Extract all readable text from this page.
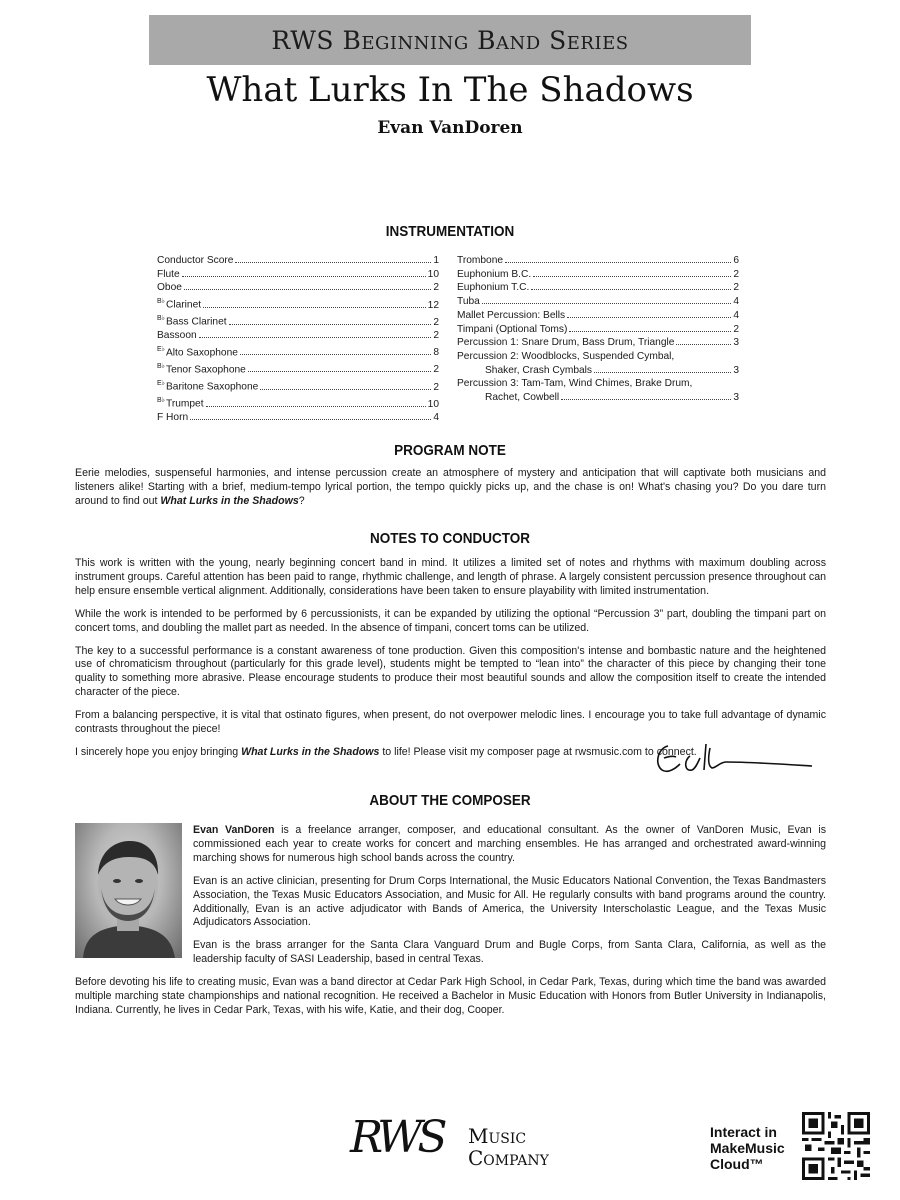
RWS Beginning Band Series
What Lurks In The Shadows
Evan VanDoren
INSTRUMENTATION
Conductor Score	1
Flute	10
Oboe	2
$^{B♭}$Clarinet	12
$^{B♭}$Bass Clarinet	2
Bassoon	2
$^{E♭}$Alto Saxophone	8
$^{B♭}$Tenor Saxophone	2
$^{E♭}$Baritone Saxophone	2
$^{B♭}$Trumpet	10
F Horn	4
Trombone	6
Euphonium B.C.	2
Euphonium T.C.	2
Tuba	4
Mallet Percussion: Bells	4
Timpani (Optional Toms)	2
Percussion 1: Snare Drum, Bass Drum, Triangle	3
Percussion 2: Woodblocks, Suspended Cymbal,
Shaker, Crash Cymbals	3
Percussion 3: Tam-Tam, Wind Chimes, Brake Drum,
Rachet, Cowbell	3
PROGRAM NOTE

Eerie melodies, suspenseful harmonies, and intense percussion create an atmosphere of mystery and anticipation that will captivate both musicians and listeners alike! Starting with a brief, medium-tempo lyrical portion, the tempo quickly picks up, and the chase is on! What's chasing you? Do you dare turn around to find out What Lurks in the Shadows?

NOTES TO CONDUCTOR

This work is written with the young, nearly beginning concert band in mind. It utilizes a limited set of notes and rhythms with maximum doubling across instrument groups. Careful attention has been paid to range, rhythmic challenge, and length of phrase. A largely consistent percussion presence throughout can help ensure ensemble vertical alignment. Additionally, considerations have been taken to ensure playability with limited instrumentation.

While the work is intended to be performed by 6 percussionists, it can be expanded by utilizing the optional “Percussion 3” part, doubling the timpani part on concert toms, and doubling the mallet part as needed. In the absence of timpani, concert toms can be utilized.

The key to a successful performance is a constant awareness of tone production. Given this composition's intense and bombastic nature and the heightened use of chromaticism throughout (particularly for this grade level), students might be tempted to “lean into” the character of this piece by changing their tone quality to something more abrasive. Please encourage students to produce their most beautiful sounds and allow the composition itself to create the intended character of the piece.

From a balancing perspective, it is vital that ostinato figures, when present, do not overpower melodic lines. I encourage you to take full advantage of dynamic contrasts throughout the piece!

I sincerely hope you enjoy bringing What Lurks in the Shadows to life! Please visit my composer page at rwsmusic.com to connect.

ABOUT THE COMPOSER

Evan VanDoren is a freelance arranger, composer, and educational consultant. As the owner of VanDoren Music, Evan is commissioned each year to create works for concert and marching ensembles. He has arranged and orchestrated award-winning marching shows for numerous high school bands across the country.

Evan is an active clinician, presenting for Drum Corps International, the Music Educators National Convention, the Texas Bandmasters Association, the Texas Music Educators Association, and Music for All. He regularly consults with band programs around the country. Additionally, Evan is an active adjudicator with Bands of America, the University Interscholastic League, and the Texas Music Adjudicators Association.

Evan is the brass arranger for the Santa Clara Vanguard Drum and Bugle Corps, from Santa Clara, California, as well as the leadership faculty of SASI Leadership, based in central Texas.

Before devoting his life to creating music, Evan was a band director at Cedar Park High School, in Cedar Park, Texas, during which time the band was awarded multiple marching state championships and national recognition. He received a Bachelor in Music Education with Honors from Butler University in Indianapolis, Indiana. Currently, he lives in Cedar Park, Texas, with his wife, Katie, and their dog, Cooper.
RWS Music
Company
Interact in MakeMusic Cloud™
